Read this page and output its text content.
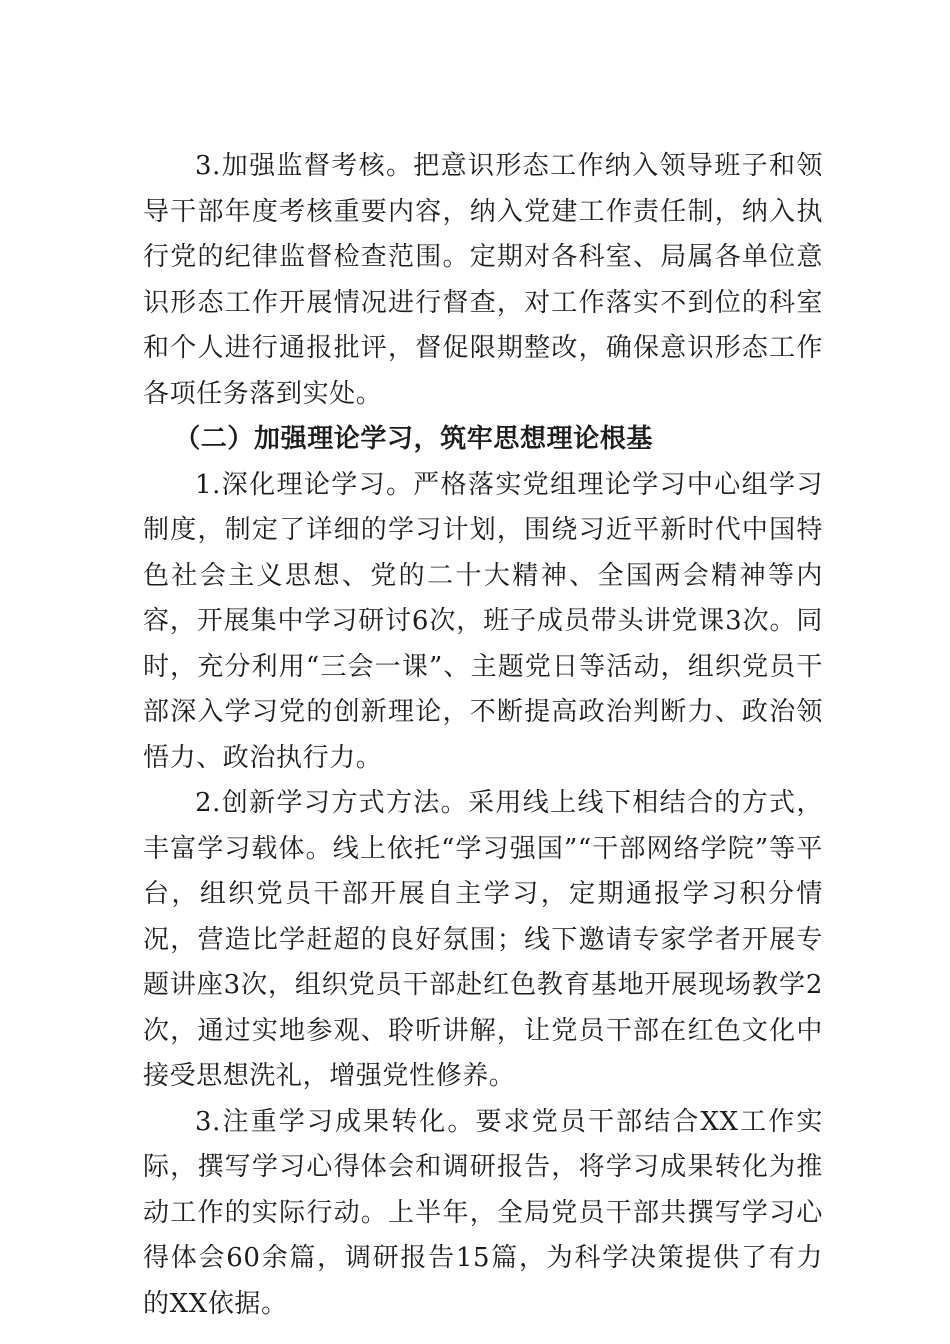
3.加强监督考核。把意识形态工作纳入领导班子和领导干部年度考核重要内容，纳入党建工作责任制，纳入执行党的纪律监督检查范围。定期对各科室、局属各单位意识形态工作开展情况进行督查，对工作落实不到位的科室和个人进行通报批评，督促限期整改，确保意识形态工作各项任务落到实处。

（二）加强理论学习，筑牢思想理论根基

1.深化理论学习。严格落实党组理论学习中心组学习制度，制定了详细的学习计划，围绕习近平新时代中国特色社会主义思想、党的二十大精神、全国两会精神等内容，开展集中学习研讨6次，班子成员带头讲党课3次。同时，充分利用“三会一课”、主题党日等活动，组织党员干部深入学习党的创新理论，不断提高政治判断力、政治领悟力、政治执行力。

2.创新学习方式方法。采用线上线下相结合的方式，丰富学习载体。线上依托“学习强国”“干部网络学院”等平台，组织党员干部开展自主学习，定期通报学习积分情况，营造比学赶超的良好氛围；线下邀请专家学者开展专题讲座3次，组织党员干部赴红色教育基地开展现场教学2次，通过实地参观、聆听讲解，让党员干部在红色文化中接受思想洗礼，增强党性修养。

3.注重学习成果转化。要求党员干部结合XX工作实际，撰写学习心得体会和调研报告，将学习成果转化为推动工作的实际行动。上半年，全局党员干部共撰写学习心得体会60余篇，调研报告15篇，为科学决策提供了有力的XX依据。
